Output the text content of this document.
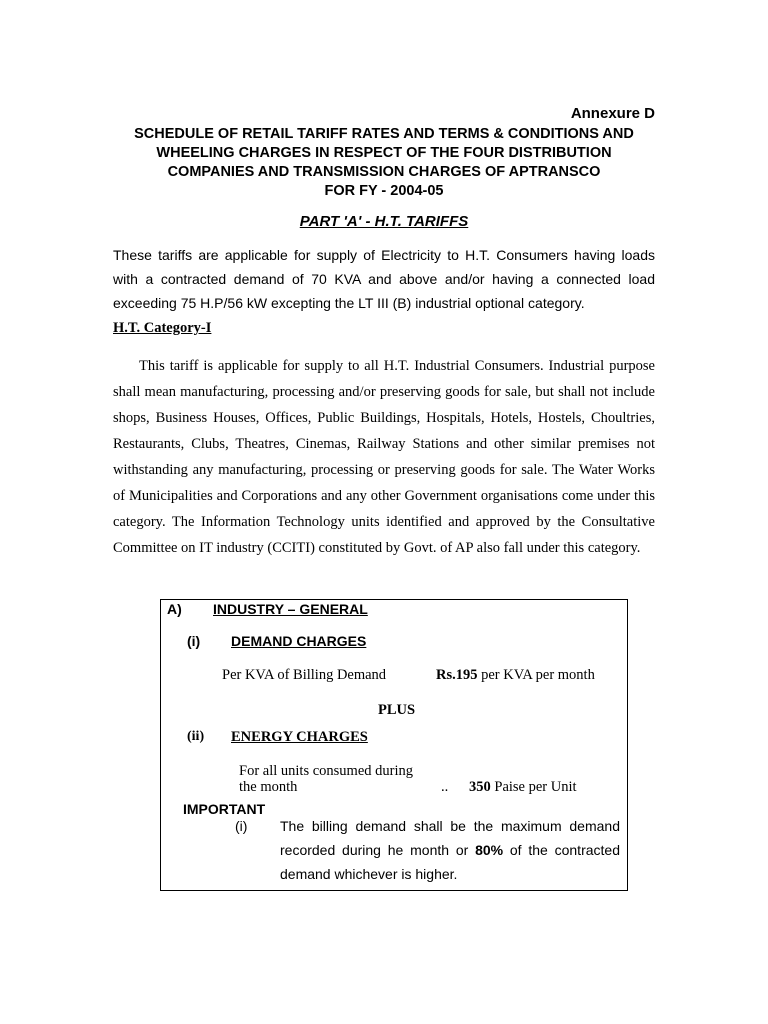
Annexure D
SCHEDULE OF RETAIL TARIFF RATES AND TERMS & CONDITIONS AND
WHEELING CHARGES IN RESPECT OF THE FOUR DISTRIBUTION
COMPANIES AND TRANSMISSION CHARGES OF APTRANSCO
FOR FY - 2004-05
PART 'A' - H.T. TARIFFS
These tariffs are applicable for supply of Electricity to H.T. Consumers having loads with a contracted demand of 70 KVA and above and/or having a connected load exceeding 75 H.P/56 kW excepting the LT III (B) industrial optional category.
H.T. Category-I
This tariff is applicable for supply to all H.T. Industrial Consumers. Industrial purpose shall mean manufacturing, processing and/or preserving goods for sale, but shall not include shops, Business Houses, Offices, Public Buildings, Hospitals, Hotels, Hostels, Choultries, Restaurants, Clubs, Theatres, Cinemas, Railway Stations and other similar premises not withstanding any manufacturing, processing or preserving goods for sale. The Water Works of Municipalities and Corporations and any other Government organisations come under this category. The Information Technology units identified and approved by the Consultative Committee on IT industry (CCITI) constituted by Govt. of AP also fall under this category.
A) INDUSTRY – GENERAL
(i) DEMAND CHARGES
Per KVA of Billing Demand	Rs.195 per KVA per month
PLUS
(ii) ENERGY CHARGES
For all units consumed during
the month	.. 350 Paise per Unit
IMPORTANT
(i) The billing demand shall be the maximum demand recorded during he month or 80% of the contracted demand whichever is higher.
